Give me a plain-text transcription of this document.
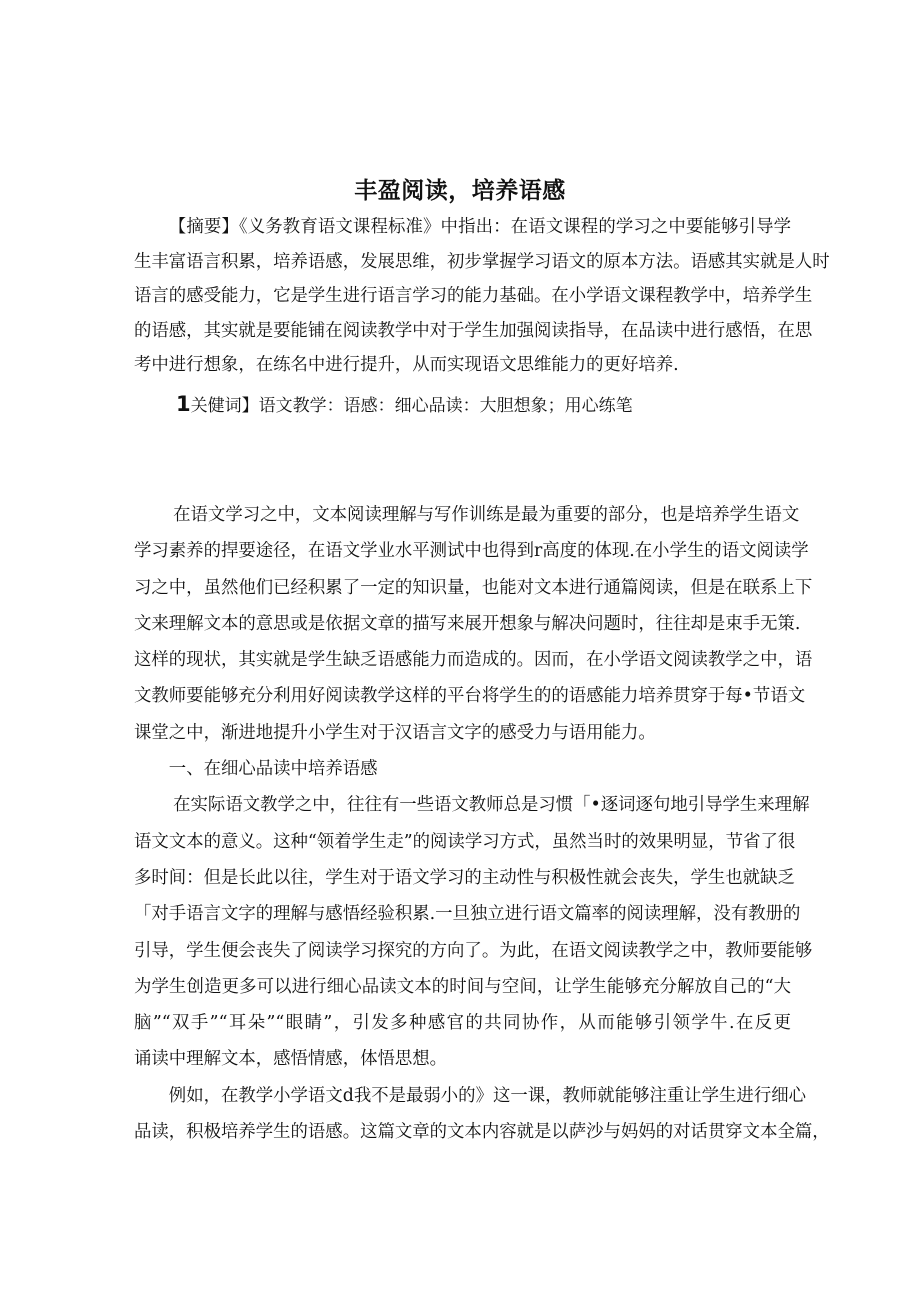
丰盈阅读，培养语感
【摘要】《义务教育语文课程标准》中指出：在语文课程的学习之中要能够引导学
生丰富语言积累，培养语感，发展思维，初步掌握学习语文的原本方法。语感其实就是人时
语言的感受能力，它是学生进行语言学习的能力基础。在小学语文课程教学中，培养学生
的语感，其实就是要能铺在阅读教学中对于学生加强阅读指导，在品读中进行感悟，在思
考中进行想象，在练名中进行提升，从而实现语文思维能力的更好培养.
1关健词】语文教学：语感：细心品读：大胆想象；用心练笔
在语文学习之中，文本阅读理解与写作训练是最为重要的部分，也是培养学生语文
学习素养的捍要途径，在语文学业水平测试中也得到r高度的体现.在小学生的语文阅读学
习之中，虽然他们已经积累了一定的知识量，也能对文本进行通篇阅读，但是在联系上下
文来理解文本的意思或是依据文章的描写来展开想象与解决问题时，往往却是束手无策.
这样的现状，其实就是学生缺乏语感能力而造成的。因而，在小学语文阅读教学之中，语
文教师要能够充分利用好阅读教学这样的平台将学生的的语感能力培养贯穿于每•节语文
课堂之中，渐进地提升小学生对于汉语言文字的感受力与语用能力。
一、在细心品读中培养语感
在实际语文教学之中，往往有一些语文教师总是习惯「•逐词逐句地引导学生来理解
语文文本的意义。这种“领着学生走”的阅读学习方式，虽然当时的效果明显，节省了很
多时间：但是长此以往，学生对于语文学习的主动性与积极性就会丧失，学生也就缺乏
「对手语言文字的理解与感悟经验积累.一旦独立进行语文篇率的阅读理解，没有教册的
引导，学生便会丧失了阅读学习探究的方向了。为此，在语文阅读教学之中，教师要能够
为学生创造更多可以进行细心品读文本的时间与空间，让学生能够充分解放自己的“大
脑”“双手”“耳朵”“眼睛”，引发多种感官的共同协作，从而能够引领学牛.在反更
诵读中理解文本，感悟情感，体悟思想。
例如，在教学小学语文d我不是最弱小的》这一课，教师就能够注重让学生进行细心
品读，积极培养学生的语感。这篇文章的文本内容就是以萨沙与妈妈的对话贯穿文本全篇，
